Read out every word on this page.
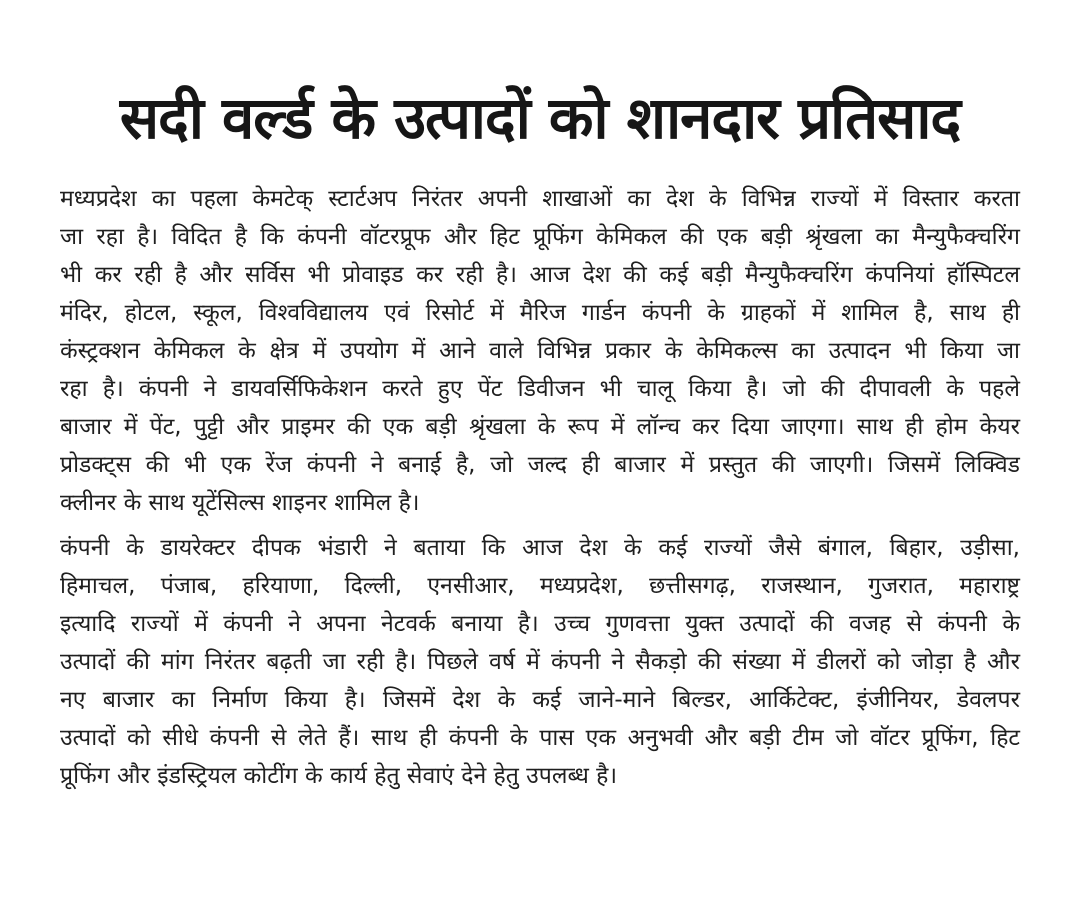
सदी वर्ल्ड के उत्पादों को शानदार प्रतिसाद

मध्यप्रदेश का पहला केमटेक् स्टार्टअप निरंतर अपनी शाखाओं का देश के विभिन्न राज्यों में विस्तार करता
जा रहा है। विदित है कि कंपनी वॉटरप्रूफ और हिट प्रूफिंग केमिकल की एक बड़ी श्रृंखला का मैन्युफैक्चरिंग
भी कर रही है और सर्विस भी प्रोवाइड कर रही है। आज देश की कई बड़ी मैन्युफैक्चरिंग कंपनियां हॉस्पिटल
मंदिर, होटल, स्कूल, विश्वविद्यालय एवं रिसोर्ट में मैरिज गार्डन कंपनी के ग्राहकों में शामिल है, साथ ही
कंस्ट्रक्शन केमिकल के क्षेत्र में उपयोग में आने वाले विभिन्न प्रकार के केमिकल्स का उत्पादन भी किया जा
रहा है। कंपनी ने डायवर्सिफिकेशन करते हुए पेंट डिवीजन भी चालू किया है। जो की दीपावली के पहले
बाजार में पेंट, पुट्टी और प्राइमर की एक बड़ी श्रृंखला के रूप में लॉन्च कर दिया जाएगा। साथ ही होम केयर
प्रोडक्ट्स की भी एक रेंज कंपनी ने बनाई है, जो जल्द ही बाजार में प्रस्तुत की जाएगी। जिसमें लिक्विड
क्लीनर के साथ यूटेंसिल्स शाइनर शामिल है।

कंपनी के डायरेक्टर दीपक भंडारी ने बताया कि आज देश के कई राज्यों जैसे बंगाल, बिहार, उड़ीसा,
हिमाचल, पंजाब, हरियाणा, दिल्ली, एनसीआर, मध्यप्रदेश, छत्तीसगढ़, राजस्थान, गुजरात, महाराष्ट्र
इत्यादि राज्यों में कंपनी ने अपना नेटवर्क बनाया है। उच्च गुणवत्ता युक्त उत्पादों की वजह से कंपनी के
उत्पादों की मांग निरंतर बढ़ती जा रही है। पिछले वर्ष में कंपनी ने सैकड़ो की संख्या में डीलरों को जोड़ा है और
नए बाजार का निर्माण किया है। जिसमें देश के कई जाने-माने बिल्डर, आर्किटेक्ट, इंजीनियर, डेवलपर
उत्पादों को सीधे कंपनी से लेते हैं। साथ ही कंपनी के पास एक अनुभवी और बड़ी टीम जो वॉटर प्रूफिंग, हिट
प्रूफिंग और इंडस्ट्रियल कोटींग के कार्य हेतु सेवाएं देने हेतु उपलब्ध है।
